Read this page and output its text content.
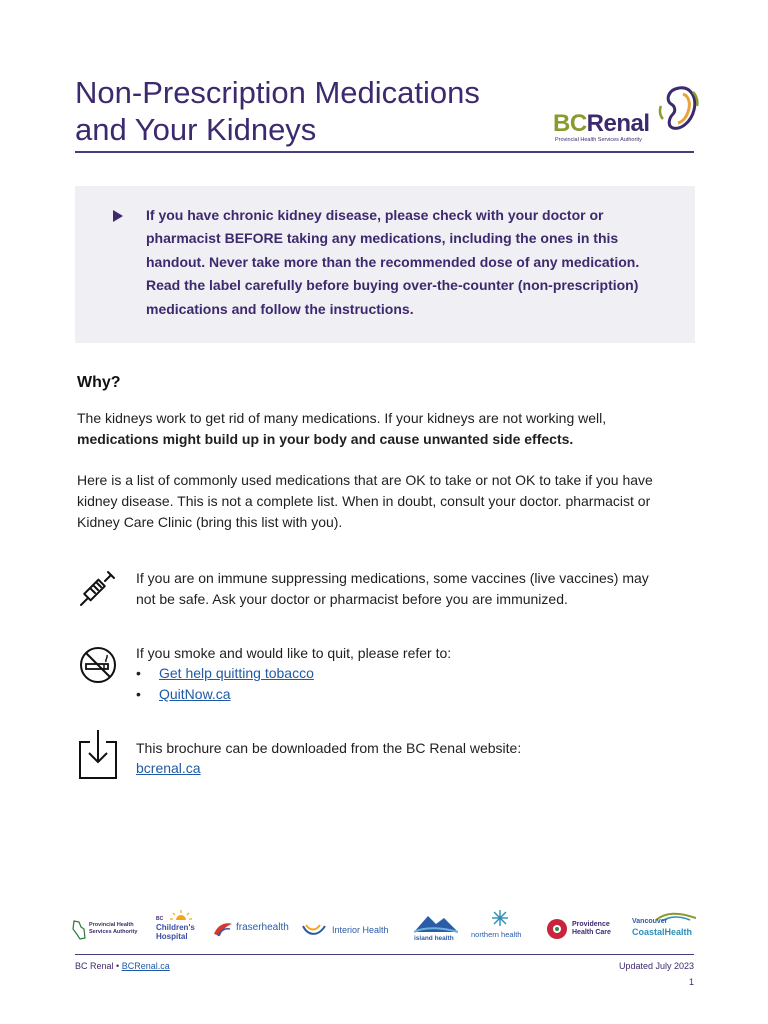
Non-Prescription Medications
and Your Kidneys	BCRenal
Provincial Health Services Authority

If you have chronic kidney disease, please check with your doctor or pharmacist BEFORE taking any medications, including the ones in this handout. Never take more than the recommended dose of any medication. Read the label carefully before buying over-the-counter (non-prescription) medications and follow the instructions.

Why?

The kidneys work to get rid of many medications. If your kidneys are not working well,
medications might build up in your body and cause unwanted side effects.

Here is a list of commonly used medications that are OK to take or not OK to take if you have kidney disease. This is not a complete list. When in doubt, consult your doctor. pharmacist or Kidney Care Clinic (bring this list with you).

If you are on immune suppressing medications, some vaccines (live vaccines) may not be safe. Ask your doctor or pharmacist before you are immunized.

If you smoke and would like to quit, please refer to:

• Get help quitting tobacco
• QuitNow.ca

This brochure can be downloaded from the BC Renal website:

bcrenal.ca
Provincial Health Services Authority
BC
Children's Hospital
fraserhealth	Interior Health
island health northern health
Providence Health Care
Vancouver
CoastalHealth
BC Renal • BCRenal.ca	Updated July 2023
1
